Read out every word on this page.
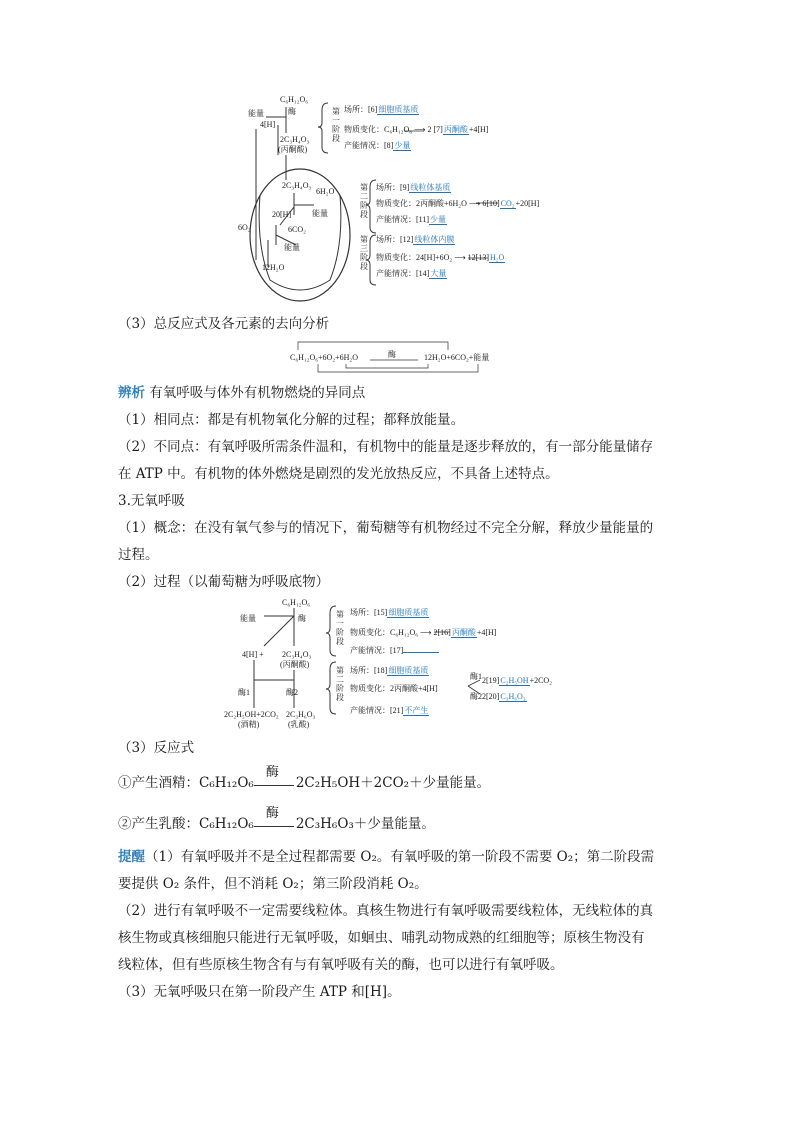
C₆H₁₂O₆
酶
能量
4[H]
2C₃H₄O₃
(丙酮酸)
2C₃H₄O₃
6H₂O
20[H]	能量
6CO₂
6O₂
能量
12H₂O
第一阶段
第二阶段
第三阶段
场所：[6]细胞质基质
物质变化：C₆H₁₂O₆ ⟶ 2 [7]丙酮酸+4[H]
产能情况：[8]少量
场所：[9]线粒体基质
物质变化：2丙酮酸+6H₂O ⟶ 6[10]CO₂+20[H]
产能情况：[11]少量
场所：[12]线粒体内膜
物质变化：24[H]+6O₂ ⟶ 12[13]H₂O
产能情况：[14]大量
（3）总反应式及各元素的去向分析
C₆H₁₂O₆+6O₂+6H₂O	酶	12H₂O+6CO₂+能量
辨析 有氧呼吸与体外有机物燃烧的异同点
（1）相同点：都是有机物氧化分解的过程；都释放能量。
（2）不同点：有氧呼吸所需条件温和，有机物中的能量是逐步释放的，有一部分能量储存
在 ATP 中。有机物的体外燃烧是剧烈的发光放热反应，不具备上述特点。
3.无氧呼吸
（1）概念：在没有氧气参与的情况下，葡萄糖等有机物经过不完全分解，释放少量能量的
过程。
（2）过程（以葡萄糖为呼吸底物）
C₆H₁₂O₆
能量	酶
4[H] + 2C₃H₄O₃
(丙酮酸)
酶1	酶2
2C₂H₅OH+2CO₂
(酒精)
2C₃H₆O₃
(乳酸)
第一阶段
第二阶段
场所：[15]细胞质基质
物质变化：C₆H₁₂O₆ ⟶ 2[16]丙酮酸+4[H]
产能情况：[17]
场所：[18]细胞质基质
物质变化：2丙酮酸+4[H]
酶1
酶2
2[19]C₂H₅OH+2CO₂
2[20]C₃H₆O₃
产能情况：[21]不产生
（3）反应式
①产生酒精：C₆H₁₂O₆
酶
2C₂H₅OH＋2CO₂＋少量能量。
②产生乳酸：C₆H₁₂O₆
酶
2C₃H₆O₃＋少量能量。
提醒（1）有氧呼吸并不是全过程都需要 O₂。有氧呼吸的第一阶段不需要 O₂；第二阶段需
要提供 O₂ 条件，但不消耗 O₂；第三阶段消耗 O₂。
（2）进行有氧呼吸不一定需要线粒体。真核生物进行有氧呼吸需要线粒体，无线粒体的真
核生物或真核细胞只能进行无氧呼吸，如蛔虫、哺乳动物成熟的红细胞等；原核生物没有
线粒体，但有些原核生物含有与有氧呼吸有关的酶，也可以进行有氧呼吸。
（3）无氧呼吸只在第一阶段产生 ATP 和[H]。
